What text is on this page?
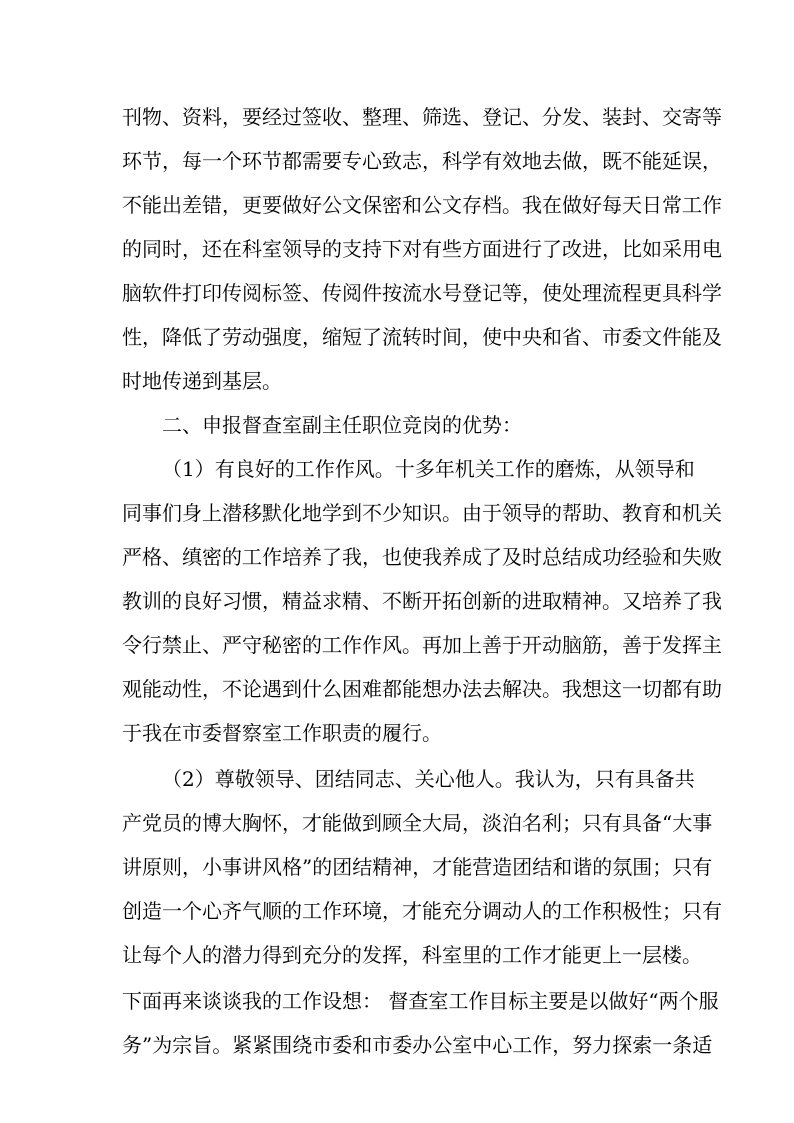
刊物、资料，要经过签收、整理、筛选、登记、分发、装封、交寄等
环节，每一个环节都需要专心致志，科学有效地去做，既不能延误，
不能出差错，更要做好公文保密和公文存档。我在做好每天日常工作
的同时，还在科室领导的支持下对有些方面进行了改进，比如采用电
脑软件打印传阅标签、传阅件按流水号登记等，使处理流程更具科学
性，降低了劳动强度，缩短了流转时间，使中央和省、市委文件能及
时地传递到基层。
二、申报督查室副主任职位竞岗的优势：
（1）有良好的工作作风。十多年机关工作的磨炼，从领导和
同事们身上潜移默化地学到不少知识。由于领导的帮助、教育和机关
严格、缜密的工作培养了我，也使我养成了及时总结成功经验和失败
教训的良好习惯，精益求精、不断开拓创新的进取精神。又培养了我
令行禁止、严守秘密的工作作风。再加上善于开动脑筋，善于发挥主
观能动性，不论遇到什么困难都能想办法去解决。我想这一切都有助
于我在市委督察室工作职责的履行。
（2）尊敬领导、团结同志、关心他人。我认为，只有具备共
产党员的博大胸怀，才能做到顾全大局，淡泊名利；只有具备“大事
讲原则，小事讲风格”的团结精神，才能营造团结和谐的氛围；只有
创造一个心齐气顺的工作环境，才能充分调动人的工作积极性；只有
让每个人的潜力得到充分的发挥，科室里的工作才能更上一层楼。
下面再来谈谈我的工作设想： 督查室工作目标主要是以做好“两个服
务”为宗旨。紧紧围绕市委和市委办公室中心工作，努力探索一条适
